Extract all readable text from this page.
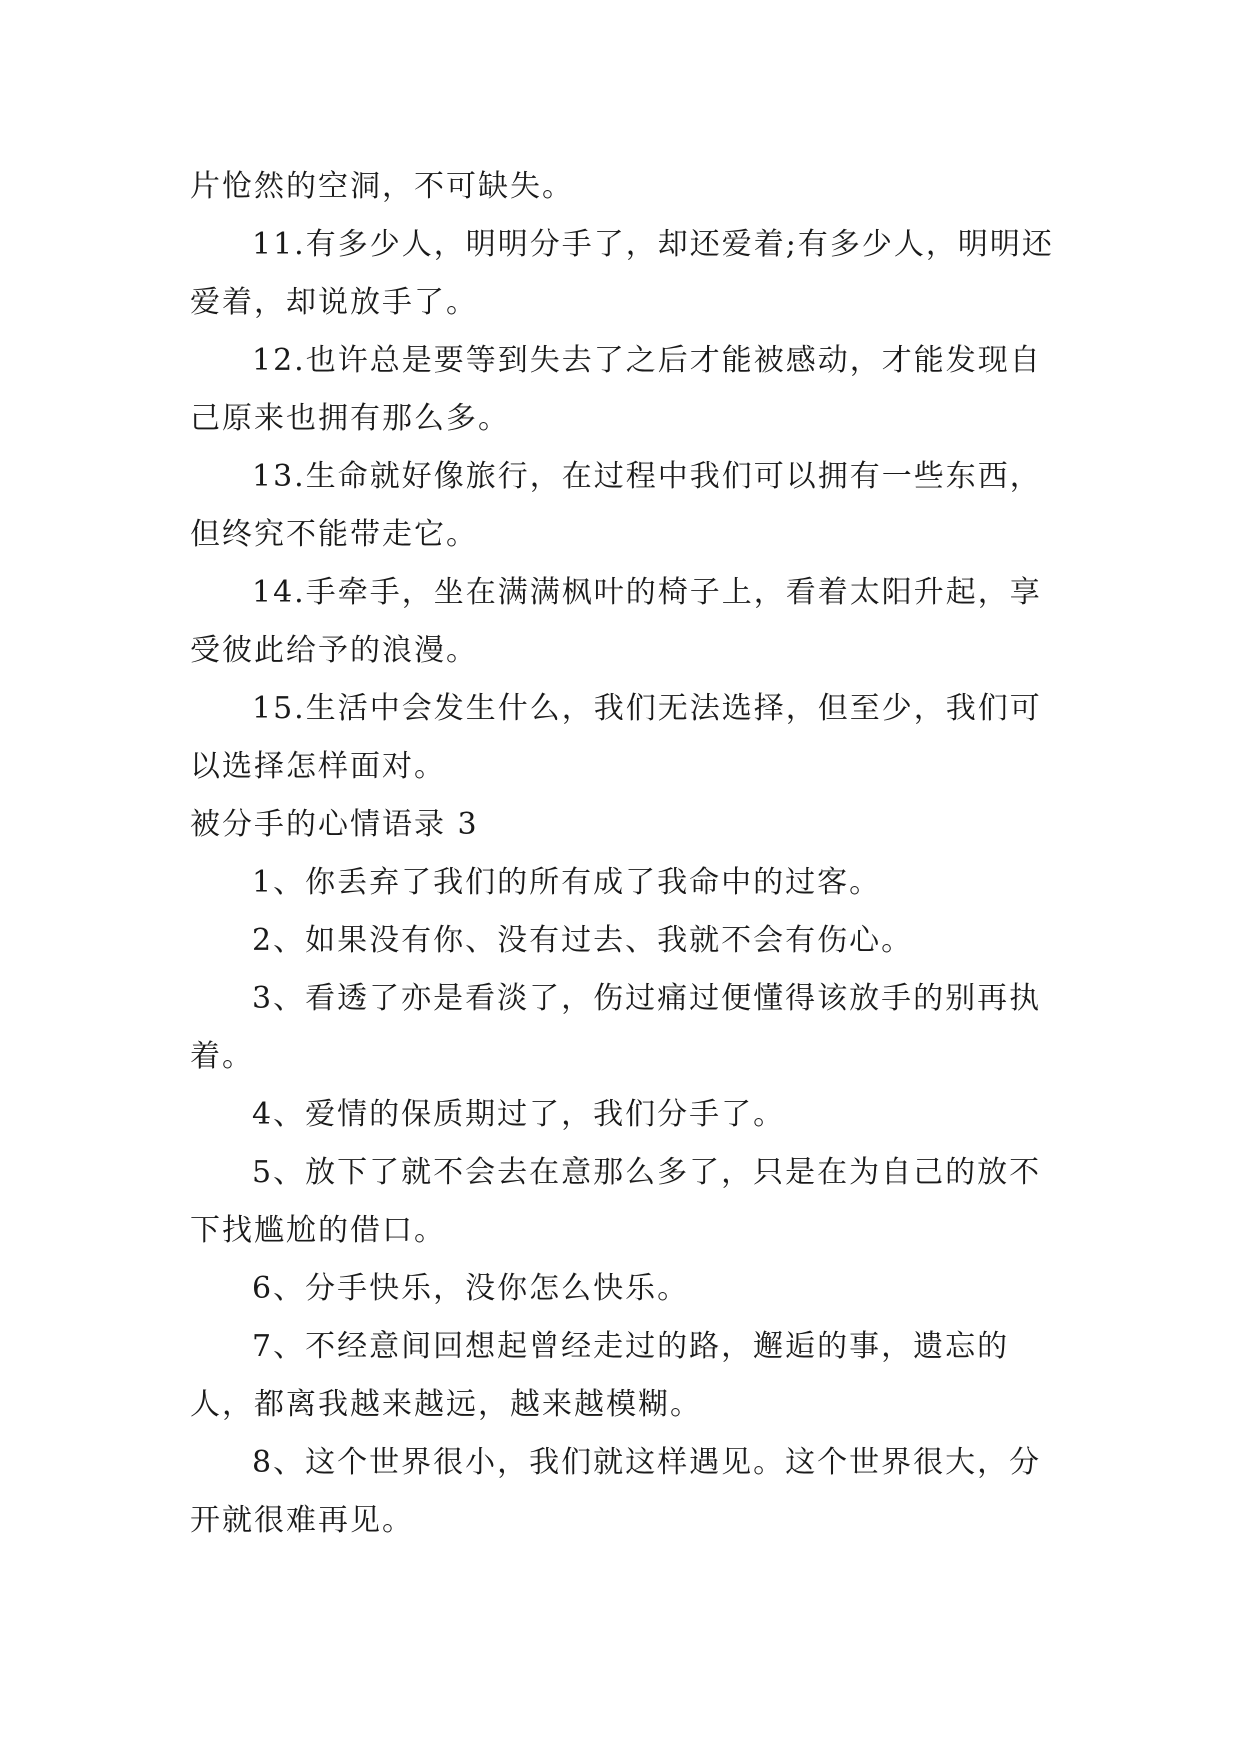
片怆然的空洞，不可缺失。

11.有多少人，明明分手了，却还爱着;有多少人，明明还爱着，却说放手了。

12.也许总是要等到失去了之后才能被感动，才能发现自己原来也拥有那么多。

13.生命就好像旅行，在过程中我们可以拥有一些东西，但终究不能带走它。

14.手牵手，坐在满满枫叶的椅子上，看着太阳升起，享受彼此给予的浪漫。

15.生活中会发生什么，我们无法选择，但至少，我们可以选择怎样面对。

被分手的心情语录 3

1、你丢弃了我们的所有成了我命中的过客。

2、如果没有你、没有过去、我就不会有伤心。

3、看透了亦是看淡了，伤过痛过便懂得该放手的别再执着。

4、爱情的保质期过了，我们分手了。

5、放下了就不会去在意那么多了，只是在为自己的放不下找尴尬的借口。

6、分手快乐，没你怎么快乐。

7、不经意间回想起曾经走过的路，邂逅的事，遗忘的人，都离我越来越远，越来越模糊。

8、这个世界很小，我们就这样遇见。这个世界很大，分开就很难再见。
